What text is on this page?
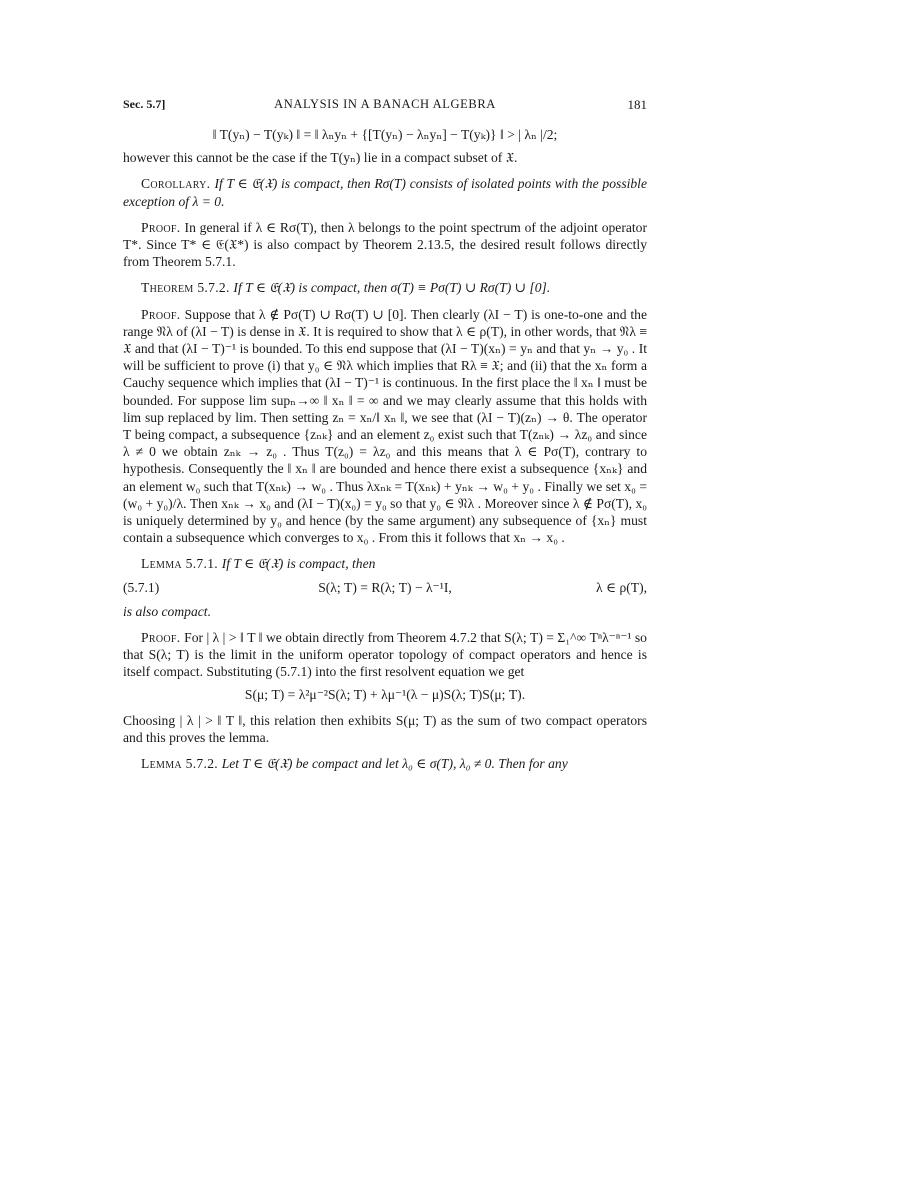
Sec. 5.7]	ANALYSIS IN A BANACH ALGEBRA	181
‖ T(yₙ) − T(yₖ) ‖ = ‖ λₙyₙ + {[T(yₙ) − λₙyₙ] − T(yₖ)} ‖ > | λₙ |/2;

however this cannot be the case if the T(yₙ) lie in a compact subset of 𝔛.

Corollary. If T ∈ 𝔈(𝔛) is compact, then Rσ(T) consists of isolated points with the possible exception of λ = 0.

Proof. In general if λ ∈ Rσ(T), then λ belongs to the point spectrum of the adjoint operator T*. Since T* ∈ 𝔈(𝔛*) is also compact by Theorem 2.13.5, the desired result follows directly from Theorem 5.7.1.

Theorem 5.7.2. If T ∈ 𝔈(𝔛) is compact, then σ(T) ≡ Pσ(T) ∪ Rσ(T) ∪ [0].

Proof. Suppose that λ ∉ Pσ(T) ∪ Rσ(T) ∪ [0]. Then clearly (λI − T) is one-to-one and the range 𝔑λ of (λI − T) is dense in 𝔛. It is required to show that λ ∈ ρ(T), in other words, that 𝔑λ ≡ 𝔛 and that (λI − T)⁻¹ is bounded. To this end suppose that (λI − T)(xₙ) = yₙ and that yₙ → y₀ . It will be sufficient to prove (i) that y₀ ∈ 𝔑λ which implies that Rλ ≡ 𝔛; and (ii) that the xₙ form a Cauchy sequence which implies that (λI − T)⁻¹ is continuous. In the first place the ‖ xₙ ‖ must be bounded. For suppose lim supₙ→∞ ‖ xₙ ‖ = ∞ and we may clearly assume that this holds with lim sup replaced by lim. Then setting zₙ = xₙ/‖ xₙ ‖, we see that (λI − T)(zₙ) → θ. The operator T being compact, a subsequence {zₙₖ} and an element z₀ exist such that T(zₙₖ) → λz₀ and since λ ≠ 0 we obtain zₙₖ → z₀ . Thus T(z₀) = λz₀ and this means that λ ∈ Pσ(T), contrary to hypothesis. Consequently the ‖ xₙ ‖ are bounded and hence there exist a subsequence {xₙₖ} and an element w₀ such that T(xₙₖ) → w₀ . Thus λxₙₖ = T(xₙₖ) + yₙₖ → w₀ + y₀ . Finally we set x₀ = (w₀ + y₀)/λ. Then xₙₖ → x₀ and (λI − T)(x₀) = y₀ so that y₀ ∈ 𝔑λ . Moreover since λ ∉ Pσ(T), x₀ is uniquely determined by y₀ and hence (by the same argument) any subsequence of {xₙ} must contain a subsequence which converges to x₀ . From this it follows that xₙ → x₀ .

Lemma 5.7.1. If T ∈ 𝔈(𝔛) is compact, then

(5.7.1)	S(λ; T) = R(λ; T) − λ⁻¹I,	λ ∈ ρ(T),

is also compact.

Proof. For | λ | > ‖ T ‖ we obtain directly from Theorem 4.7.2 that S(λ; T) = Σ₁^∞ Tⁿλ⁻ⁿ⁻¹ so that S(λ; T) is the limit in the uniform operator topology of compact operators and hence is itself compact. Substituting (5.7.1) into the first resolvent equation we get

S(μ; T) = λ²μ⁻²S(λ; T) + λμ⁻¹(λ − μ)S(λ; T)S(μ; T).

Choosing | λ | > ‖ T ‖, this relation then exhibits S(μ; T) as the sum of two compact operators and this proves the lemma.

Lemma 5.7.2. Let T ∈ 𝔈(𝔛) be compact and let λ₀ ∈ σ(T), λ₀ ≠ 0. Then for any
